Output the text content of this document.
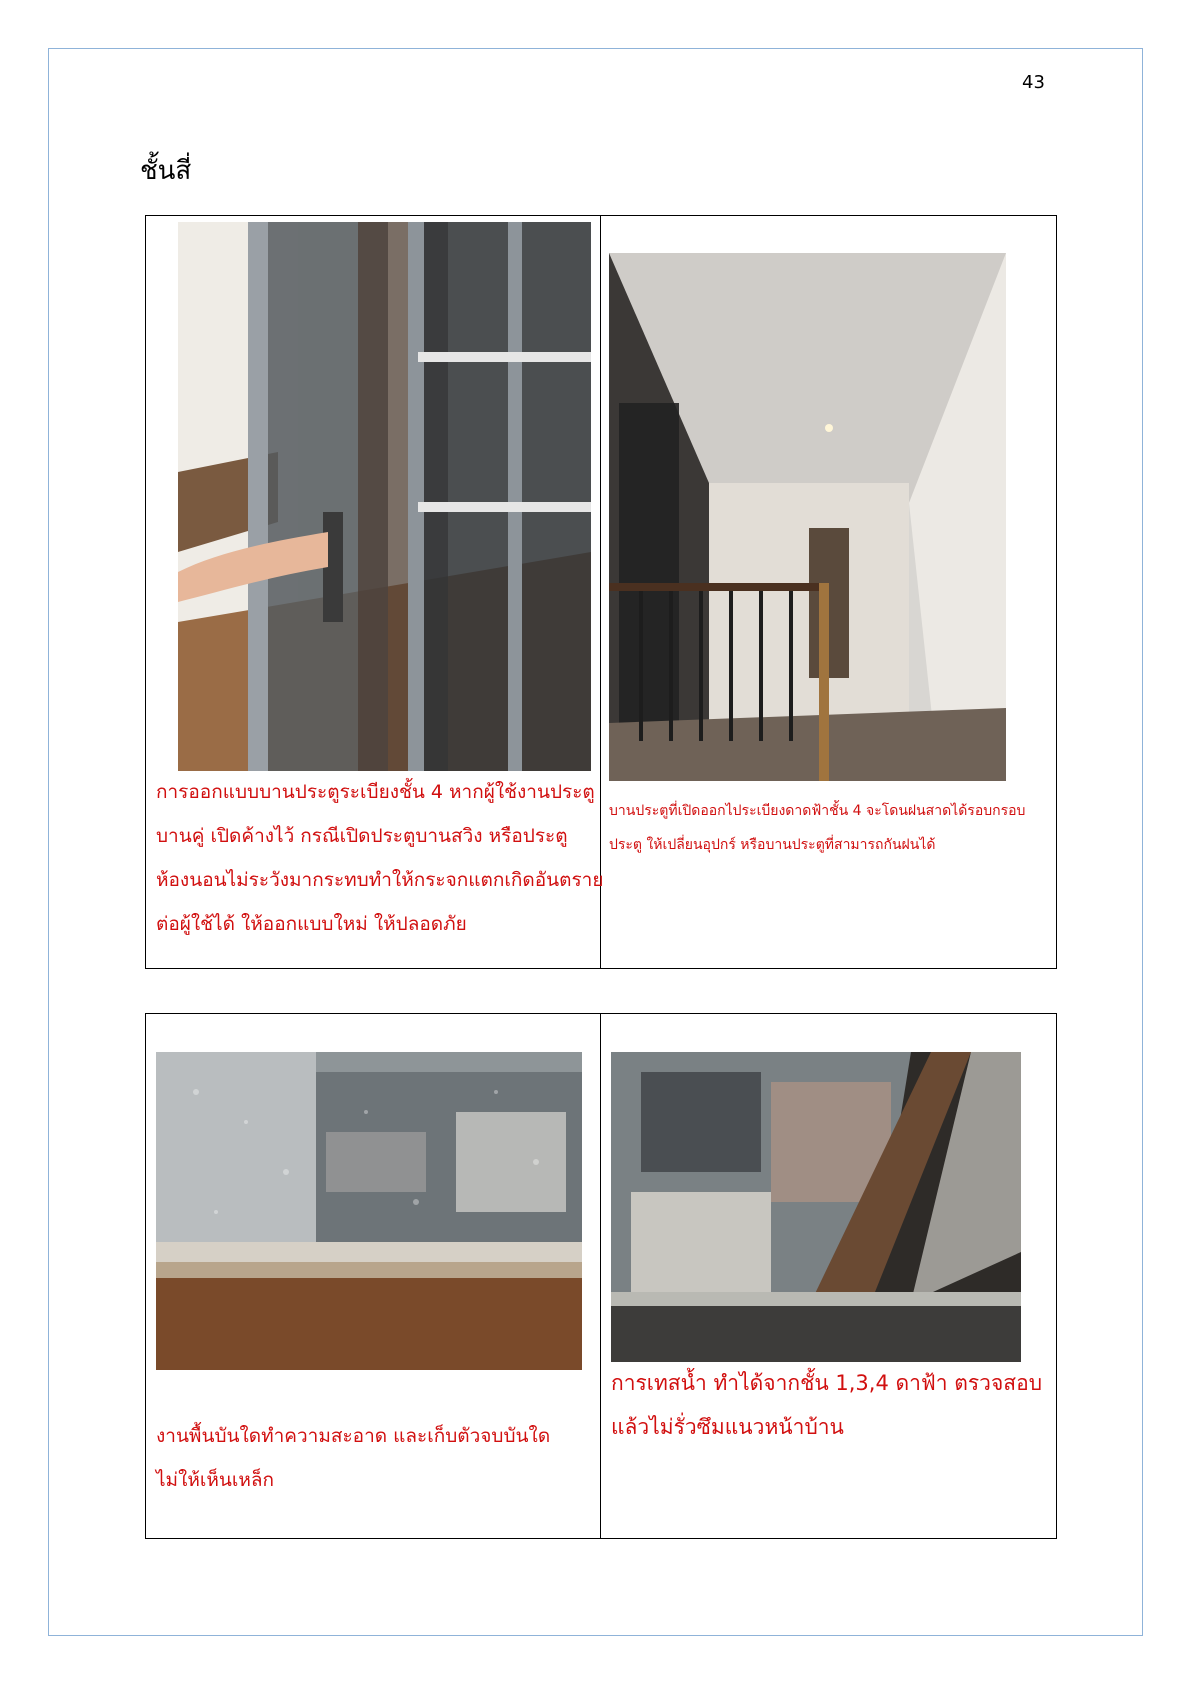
43
ชั้นสี่
การออกแบบบานประตูระเบียงชั้น 4 หากผู้ใช้งานประตู
บานคู่ เปิดค้างไว้ กรณีเปิดประตูบานสวิง หรือประตู
ห้องนอนไม่ระวังมากระทบทำให้กระจกแตกเกิดอันตราย
ต่อผู้ใช้ได้ ให้ออกแบบใหม่ ให้ปลอดภัย

บานประตูที่เปิดออกไประเบียงดาดฟ้าชั้น 4 จะโดนฝนสาดได้รอบกรอบ
ประตู ให้เปลี่ยนอุปกร์ หรือบานประตูที่สามารถกันฝนได้
งานพื้นบันใดทำความสะอาด และเก็บตัวจบบันใด
ไม่ให้เห็นเหล็ก

การเทสน้ำ ทำได้จากชั้น 1,3,4 ดาฟ้า ตรวจสอบ
แล้วไม่รั่วซึมแนวหน้าบ้าน
